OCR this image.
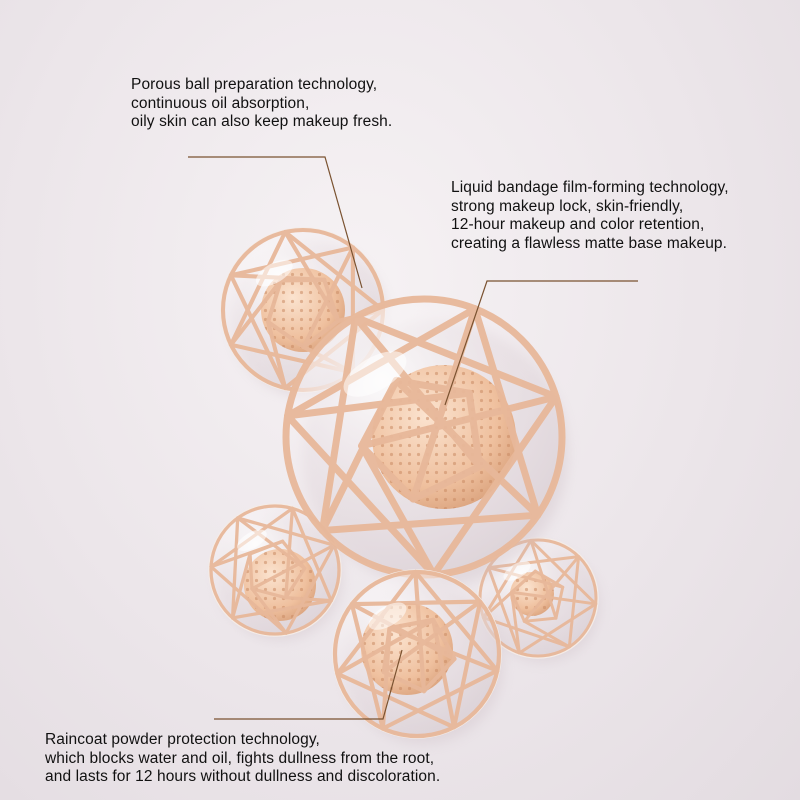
Porous ball preparation technology,
continuous oil absorption,
oily skin can also keep makeup fresh.

Liquid bandage film-forming technology,
strong makeup lock, skin-friendly,
12-hour makeup and color retention,
creating a flawless matte base makeup.

Raincoat powder protection technology,
which blocks water and oil, fights dullness from the root,
and lasts for 12 hours without dullness and discoloration.
